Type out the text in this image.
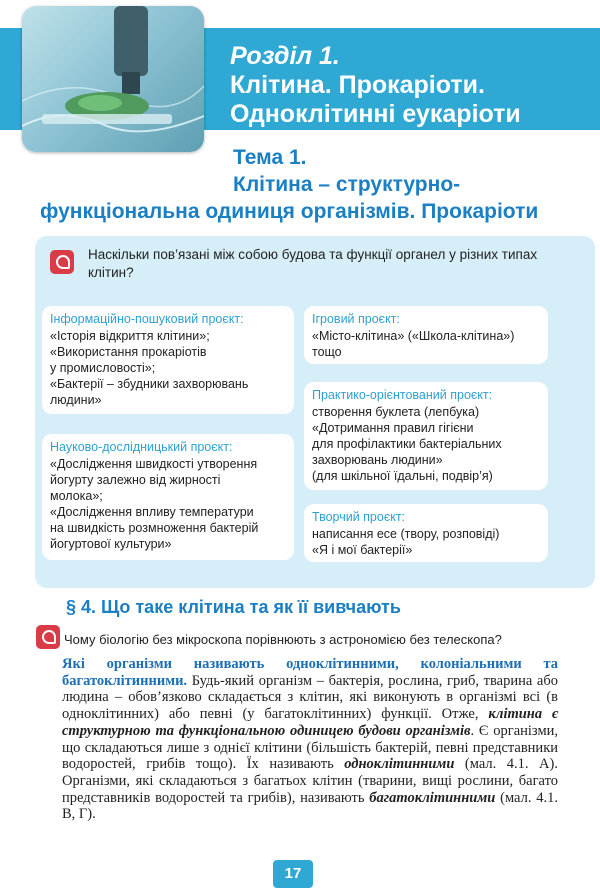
Розділ 1.
Клітина. Прокаріоти.
Одноклітинні еукаріоти
Тема 1.
Клітина – структурно-
функціональна одиниця організмів. Прокаріоти
Наскільки пов’язані між собою будова та функції органел у різних типах клітин?
Інформаційно-пошуковий проєкт:
«Історія відкриття клітини»;
«Використання прокаріотів
у промисловості»;
«Бактерії – збудники захворювань
людини»
Ігровий проєкт:
«Місто-клітина» («Школа-клітина»)
тощо
Практико-орієнтований проєкт:
створення буклета (лепбука)
«Дотримання правил гігієни
для профілактики бактеріальних
захворювань людини»
(для шкільної їдальні, подвір’я)
Науково-дослідницький проєкт:
«Дослідження швидкості утворення
йогурту залежно від жирності
молока»;
«Дослідження впливу температури
на швидкість розмноження бактерій
йогуртової культури»
Творчий проєкт:
написання есе (твору, розповіді)
«Я і мої бактерії»
§ 4. Що таке клітина та як її вивчають
Чому біологію без мікроскопа порівнюють з астрономією без телескопа?
Які організми називають одноклітинними, колоніальними та багатоклітинними. Будь-який організм – бактерія, рослина, гриб, тварина або людина – обов’язково складається з клітин, які виконують в організмі всі (в одноклітинних) або певні (у багатоклітинних) функції. Отже, клітина є структурною та функціональною одиницею будови організмів. Є організми, що складаються лише з однієї клітини (більшість бактерій, певні представники водоростей, грибів тощо). Їх називають одноклітинними (мал. 4.1. А). Організми, які складаються з багатьох клітин (тварини, вищі рослини, багато представників водоростей та грибів), називають багатоклітинними (мал. 4.1. В, Г).
17
